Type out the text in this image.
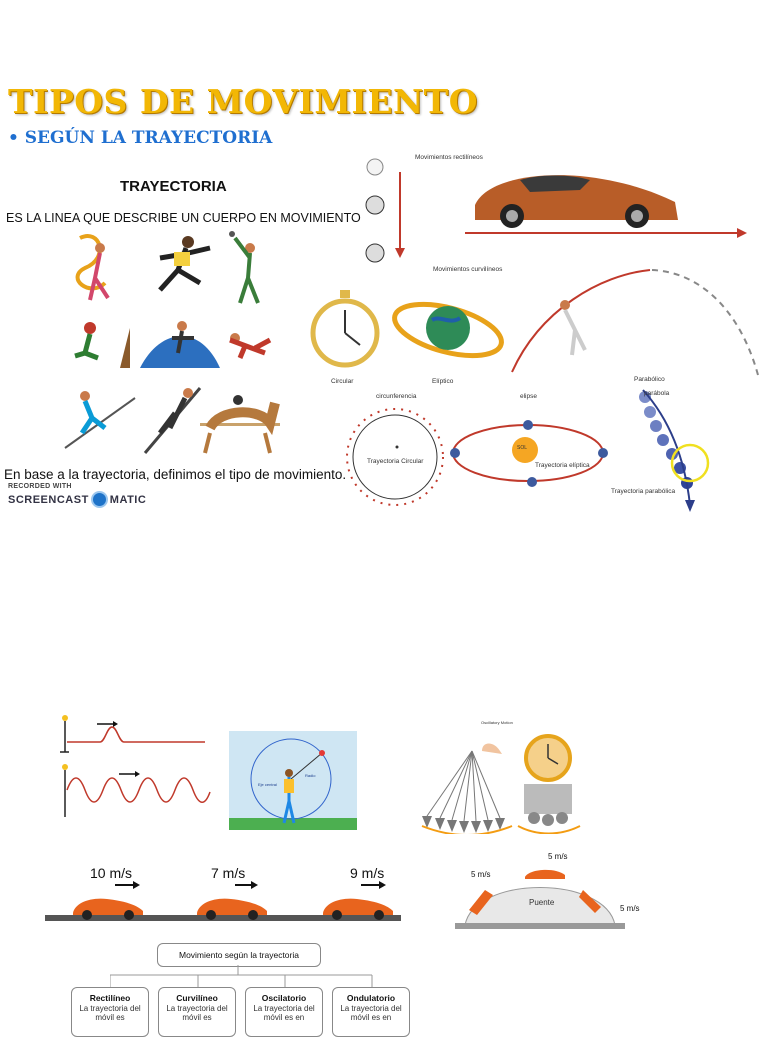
TIPOS DE MOVIMIENTO
• SEGÚN LA TRAYECTORIA
TRAYECTORIA
ES LA LINEA QUE DESCRIBE UN CUERPO EN MOVIMIENTO
En base a la trayectoria, definimos el tipo de movimiento.
RECORDED WITH
SCREENCAST MATIC
Movimientos rectilíneos
Movimientos curvilíneos
Circular	Elíptico	Parabólico
circunferencia	elipse	parábola
Trayectoria Circular
Trayectoria elíptica
Trayectoria parabólica
SOL
Eje central
Radio
Oscillatory Motion
10 m/s	7 m/s	9 m/s
5 m/s
5 m/s
5 m/s
Puente
Movimiento según la trayectoria
Rectilíneo
La trayectoria del móvil es
Curvilíneo
La trayectoria del móvil es
Oscilatorio
La trayectoria del móvil es en
Ondulatorio
La trayectoria del móvil es en
